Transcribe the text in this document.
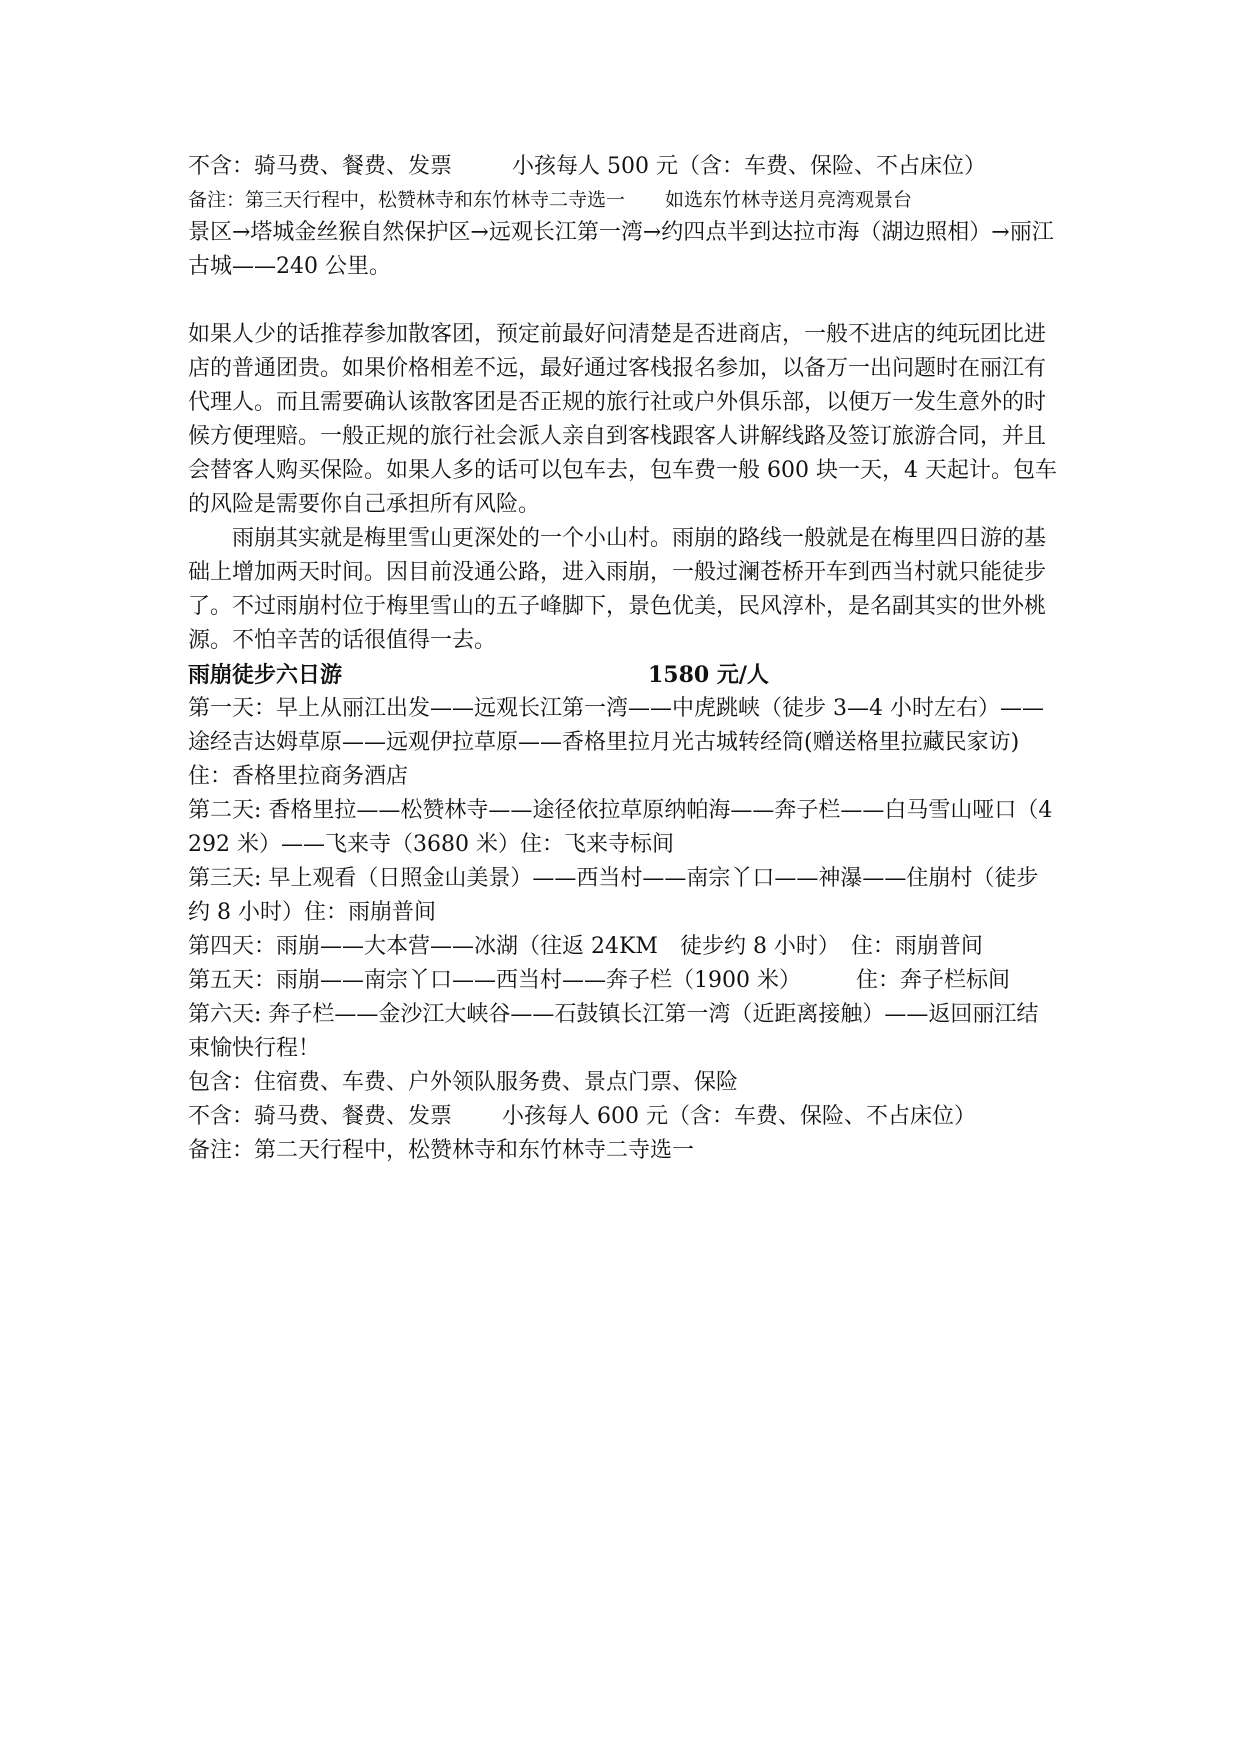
不含：骑马费、餐费、发票	小孩每人 500 元（含：车费、保险、不占床位）

备注：第三天行程中，松赞林寺和东竹林寺二寺选一 如选东竹林寺送月亮湾观景台

景区→塔城金丝猴自然保护区→远观长江第一湾→约四点半到达拉市海（湖边照相）→丽江古城——240 公里。

如果人少的话推荐参加散客团，预定前最好问清楚是否进商店，一般不进店的纯玩团比进店的普通团贵。如果价格相差不远，最好通过客栈报名参加，以备万一出问题时在丽江有代理人。而且需要确认该散客团是否正规的旅行社或户外俱乐部，以便万一发生意外的时候方便理赔。一般正规的旅行社会派人亲自到客栈跟客人讲解线路及签订旅游合同，并且会替客人购买保险。如果人多的话可以包车去，包车费一般 600 块一天，4 天起计。包车的风险是需要你自己承担所有风险。

雨崩其实就是梅里雪山更深处的一个小山村。雨崩的路线一般就是在梅里四日游的基础上增加两天时间。因目前没通公路，进入雨崩，一般过澜苍桥开车到西当村就只能徒步了。不过雨崩村位于梅里雪山的五子峰脚下，景色优美，民风淳朴，是名副其实的世外桃源。不怕辛苦的话很值得一去。

雨崩徒步六日游	1580 元/人

第一天：早上从丽江出发——远观长江第一湾——中虎跳峡（徒步 3—4 小时左右）——途经吉达姆草原——远观伊拉草原——香格里拉月光古城转经筒(赠送格里拉藏民家访)住：香格里拉商务酒店

第二天: 香格里拉——松赞林寺——途径依拉草原纳帕海——奔子栏——白马雪山哑口（4292 米）——飞来寺（3680 米）住：飞来寺标间

第三天: 早上观看（日照金山美景）——西当村——南宗丫口——神瀑——住崩村（徒步约 8 小时）住：雨崩普间

第四天：雨崩——大本营——冰湖（往返 24KM　徒步约 8 小时）　住：雨崩普间

第五天：雨崩——南宗丫口——西当村——奔子栏（1900 米）　　　住：奔子栏标间

第六天: 奔子栏——金沙江大峡谷——石鼓镇长江第一湾（近距离接触）——返回丽江结束愉快行程！

包含：住宿费、车费、户外领队服务费、景点门票、保险

不含：骑马费、餐费、发票 小孩每人 600 元（含：车费、保险、不占床位）

备注：第二天行程中，松赞林寺和东竹林寺二寺选一
